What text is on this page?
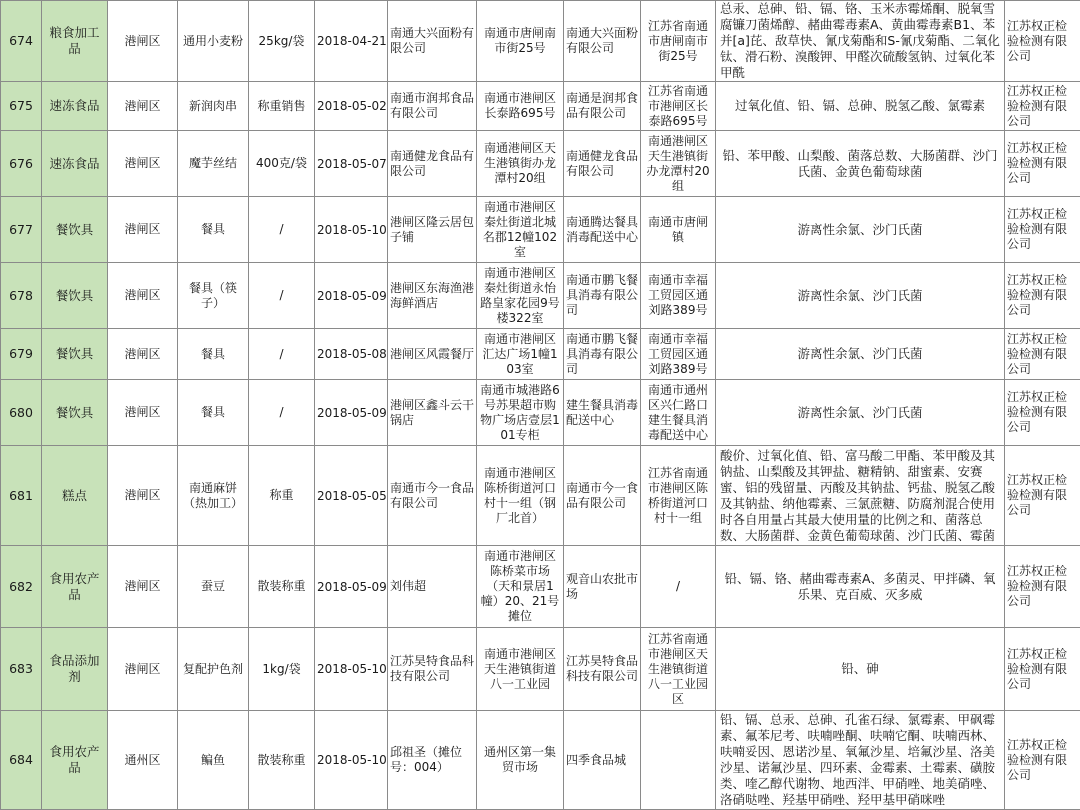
674	粮食加工品	港闸区	通用小麦粉	25kg/袋	2018-04-21	南通大兴面粉有限公司	南通市唐闸南市街25号	南通大兴面粉有限公司	江苏省南通市唐闸南市街25号	总汞、总砷、铅、镉、铬、玉米赤霉烯酮、脱氧雪腐镰刀菌烯醇、赭曲霉毒素A、黄曲霉毒素B1、苯并[a]芘、敌草快、氰戊菊酯和S-氰戊菊酯、二氧化钛、滑石粉、溴酸钾、甲醛次硫酸氢钠、过氧化苯甲酰	江苏权正检验检测有限公司
675	速冻食品	港闸区	新润肉串	称重销售	2018-05-02	南通市润邦食品有限公司	南通市港闸区长泰路695号	南通是润邦食品有限公司	江苏省南通市港闸区长泰路695号	过氧化值、铅、镉、总砷、脱氢乙酸、氯霉素	江苏权正检验检测有限公司
676	速冻食品	港闸区	魔芋丝结	400克/袋	2018-05-07	南通健龙食品有限公司	南通港闸区天生港镇街办龙潭村20组	南通健龙食品有限公司	南通港闸区天生港镇街办龙潭村20组	铅、苯甲酸、山梨酸、菌落总数、大肠菌群、沙门氏菌、金黄色葡萄球菌	江苏权正检验检测有限公司
677	餐饮具	港闸区	餐具	/	2018-05-10	港闸区隆云居包子铺	南通市港闸区秦灶街道北城名郡12幢102室	南通腾达餐具消毒配送中心	南通市唐闸镇	游离性余氯、沙门氏菌	江苏权正检验检测有限公司
678	餐饮具	港闸区	餐具（筷子）	/	2018-05-09	港闸区东海渔港海鲜酒店	南通市港闸区秦灶街道永怡路皇家花园9号楼322室	南通市鹏飞餐具消毒有限公司	南通市幸福工贸园区通刘路389号	游离性余氯、沙门氏菌	江苏权正检验检测有限公司
679	餐饮具	港闸区	餐具	/	2018-05-08	港闸区风霞餐厅	南通市港闸区汇达广场1幢103室	南通市鹏飞餐具消毒有限公司	南通市幸福工贸园区通刘路389号	游离性余氯、沙门氏菌	江苏权正检验检测有限公司
680	餐饮具	港闸区	餐具	/	2018-05-09	港闸区鑫斗云干锅店	南通市城港路6号苏果超市购物广场店壹层101专柜	建生餐具消毒配送中心	南通市通州区兴仁路口建生餐具消毒配送中心	游离性余氯、沙门氏菌	江苏权正检验检测有限公司
681	糕点	港闸区	南通麻饼（热加工）	称重	2018-05-05	南通市今一食品有限公司	南通市港闸区陈桥街道河口村十一组（钢厂北首）	南通市今一食品有限公司	江苏省南通市港闸区陈桥街道河口村十一组	酸价、过氧化值、铅、富马酸二甲酯、苯甲酸及其钠盐、山梨酸及其钾盐、糖精钠、甜蜜素、安赛蜜、铝的残留量、丙酸及其钠盐、钙盐、脱氢乙酸及其钠盐、纳他霉素、三氯蔗糖、防腐剂混合使用时各自用量占其最大使用量的比例之和、菌落总数、大肠菌群、金黄色葡萄球菌、沙门氏菌、霉菌	江苏权正检验检测有限公司
682	食用农产品	港闸区	蚕豆	散装称重	2018-05-09	刘伟超	南通市港闸区陈桥菜市场（天和景居1幢）20、21号摊位	观音山农批市场	/	铅、镉、铬、赭曲霉毒素A、多菌灵、甲拌磷、氧乐果、克百威、灭多威	江苏权正检验检测有限公司
683	食品添加剂	港闸区	复配护色剂	1kg/袋	2018-05-10	江苏昊特食品科技有限公司	南通市港闸区天生港镇街道八一工业园	江苏昊特食品科技有限公司	江苏省南通市港闸区天生港镇街道八一工业园区	铅、砷	江苏权正检验检测有限公司
684	食用农产品	通州区	鳊鱼	散装称重	2018-05-10	邱祖圣（摊位号：004）	通州区第一集贸市场	四季食品城		铅、镉、总汞、总砷、孔雀石绿、氯霉素、甲砜霉素、氟苯尼考、呋喃唑酮、呋喃它酮、呋喃西林、呋喃妥因、恩诺沙星、氧氟沙星、培氟沙星、洛美沙星、诺氟沙星、四环素、金霉素、土霉素、磺胺类、喹乙醇代谢物、地西泮、甲硝唑、地美硝唑、洛硝哒唑、羟基甲硝唑、羟甲基甲硝咪唑	江苏权正检验检测有限公司
